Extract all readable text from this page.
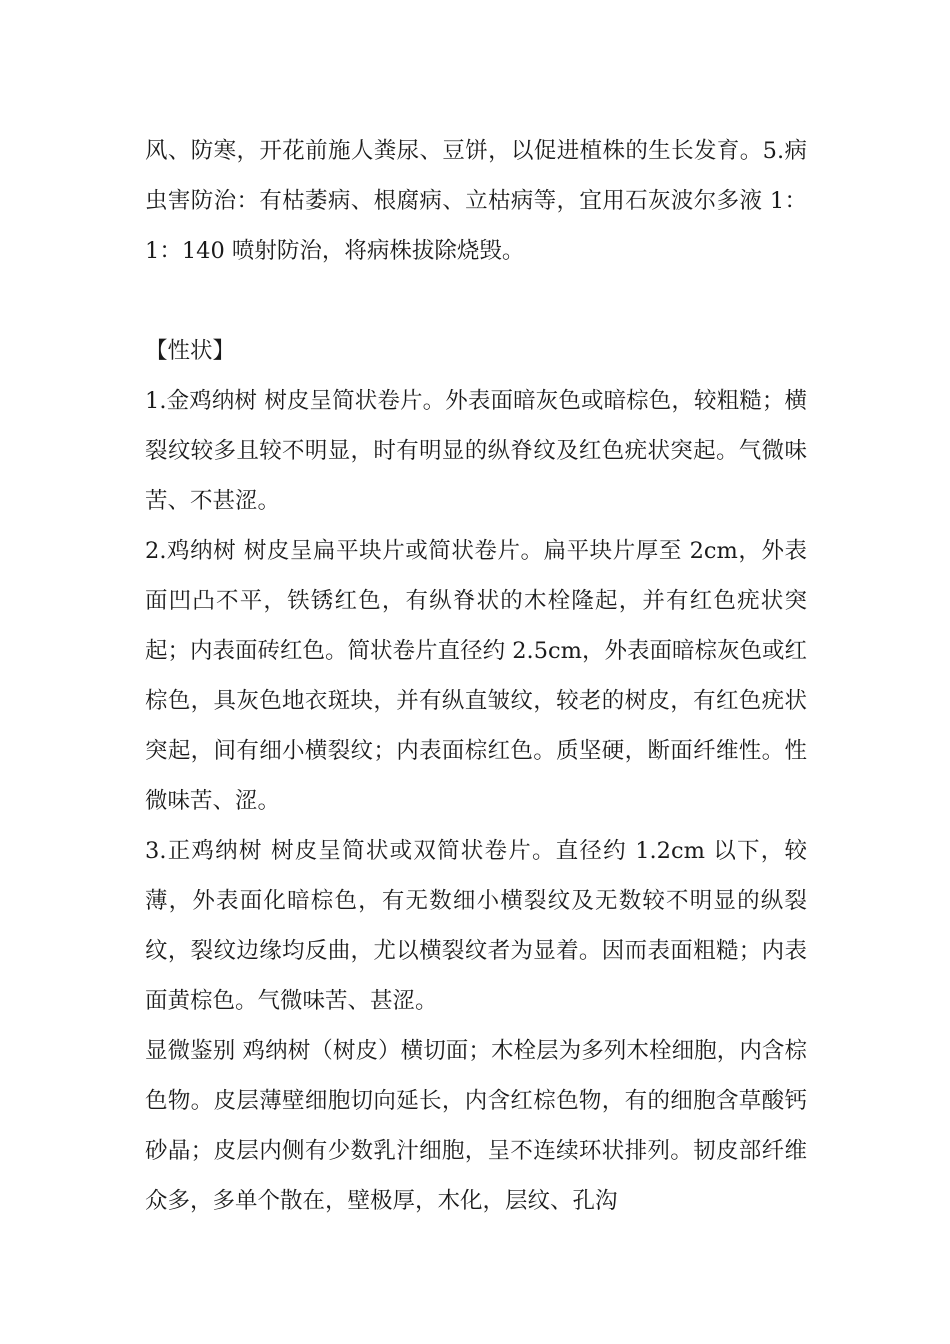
风、防寒，开花前施人粪尿、豆饼，以促进植株的生长发育。5.病虫害防治：有枯萎病、根腐病、立枯病等，宜用石灰波尔多液 1：1：140 喷射防治，将病株拔除烧毁。

【性状】

1.金鸡纳树 树皮呈简状卷片。外表面暗灰色或暗棕色，较粗糙；横裂纹较多且较不明显，时有明显的纵脊纹及红色疣状突起。气微味苦、不甚涩。

2.鸡纳树 树皮呈扁平块片或简状卷片。扁平块片厚至 2cm，外表面凹凸不平，铁锈红色，有纵脊状的木栓隆起，并有红色疣状突起；内表面砖红色。简状卷片直径约 2.5cm，外表面暗棕灰色或红棕色，具灰色地衣斑块，并有纵直皱纹，较老的树皮，有红色疣状突起，间有细小横裂纹；内表面棕红色。质坚硬，断面纤维性。性微味苦、涩。

3.正鸡纳树 树皮呈简状或双简状卷片。直径约 1.2cm 以下，较薄，外表面化暗棕色，有无数细小横裂纹及无数较不明显的纵裂纹，裂纹边缘均反曲，尤以横裂纹者为显着。因而表面粗糙；内表面黄棕色。气微味苦、甚涩。

显微鉴别 鸡纳树（树皮）横切面；木栓层为多列木栓细胞，内含棕色物。皮层薄壁细胞切向延长，内含红棕色物，有的细胞含草酸钙砂晶；皮层内侧有少数乳汁细胞，呈不连续环状排列。韧皮部纤维众多，多单个散在，壁极厚，木化，层纹、孔沟
